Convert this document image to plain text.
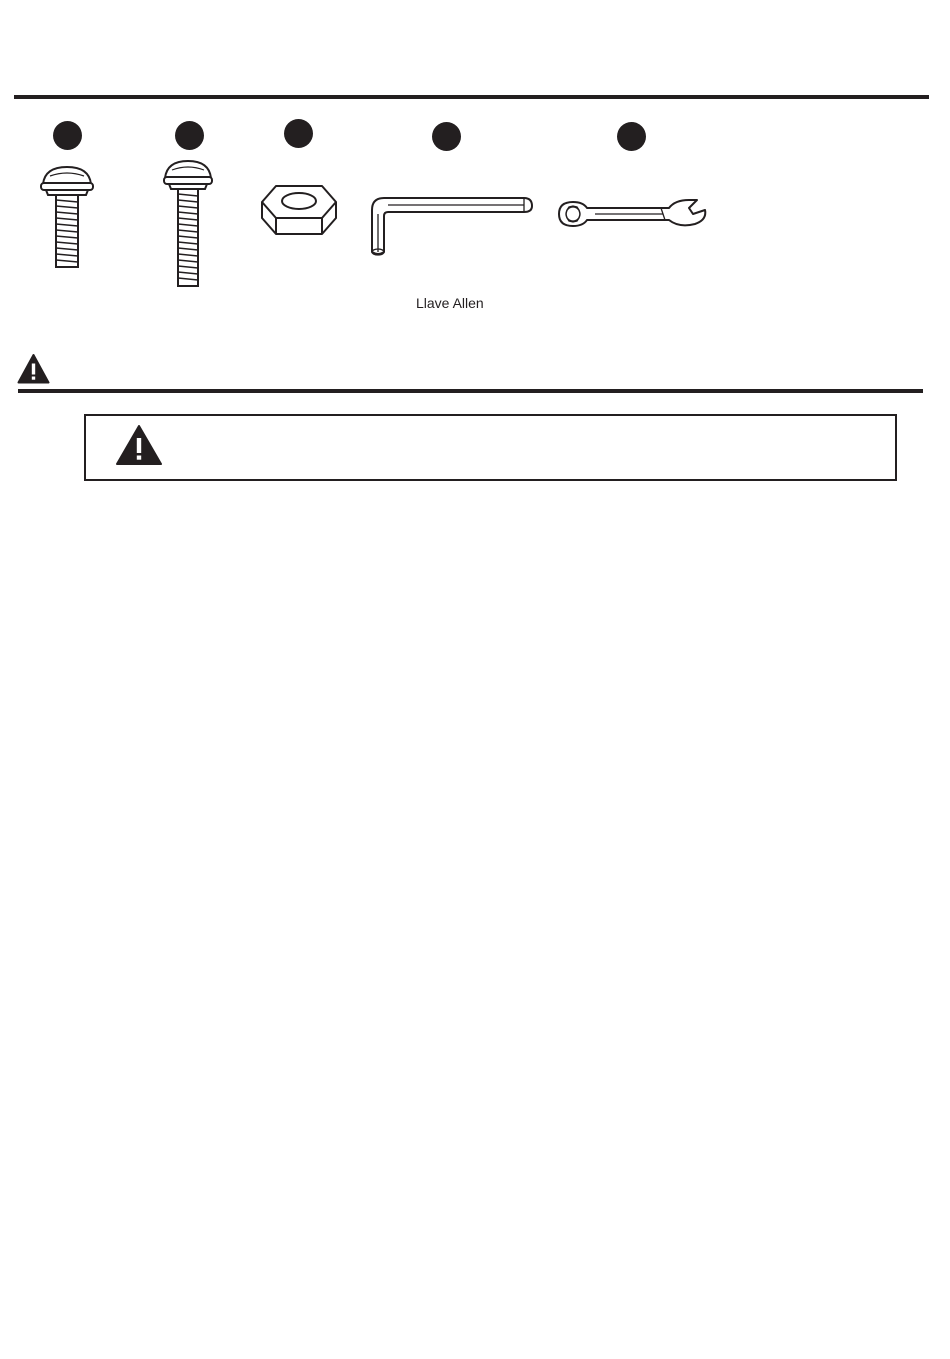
Llave Allen
